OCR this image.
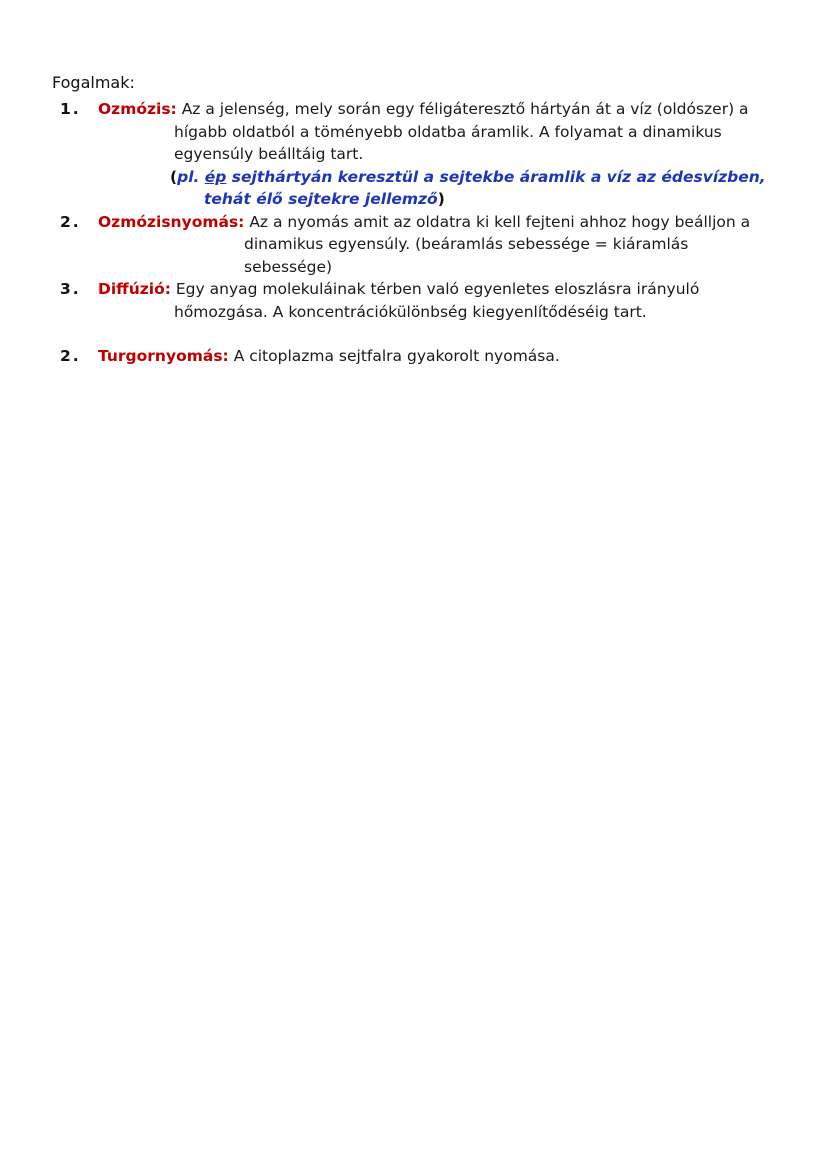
Fogalmak:

1.	Ozmózis: Az a jelenség, mely során egy féligáteresztő hártyán át a víz (oldószer) a hígabb oldatból a töményebb oldatba áramlik. A folyamat a dinamikus egyensúly beálltáig tart.

(pl. ép sejthártyán keresztül a sejtekbe áramlik a víz az édesvízben,
tehát élő sejtekre jellemző)
2.	Ozmózisnyomás: Az a nyomás amit az oldatra ki kell fejteni ahhoz hogy beálljon a dinamikus egyensúly. (beáramlás sebessége = kiáramlás sebessége)

3.	Diffúzió: Egy anyag molekuláinak térben való egyenletes eloszlásra irányuló hőmozgása. A koncentrációkülönbség kiegyenlítődéséig tart.

2.	Turgornyomás: A citoplazma sejtfalra gyakorolt nyomása.
